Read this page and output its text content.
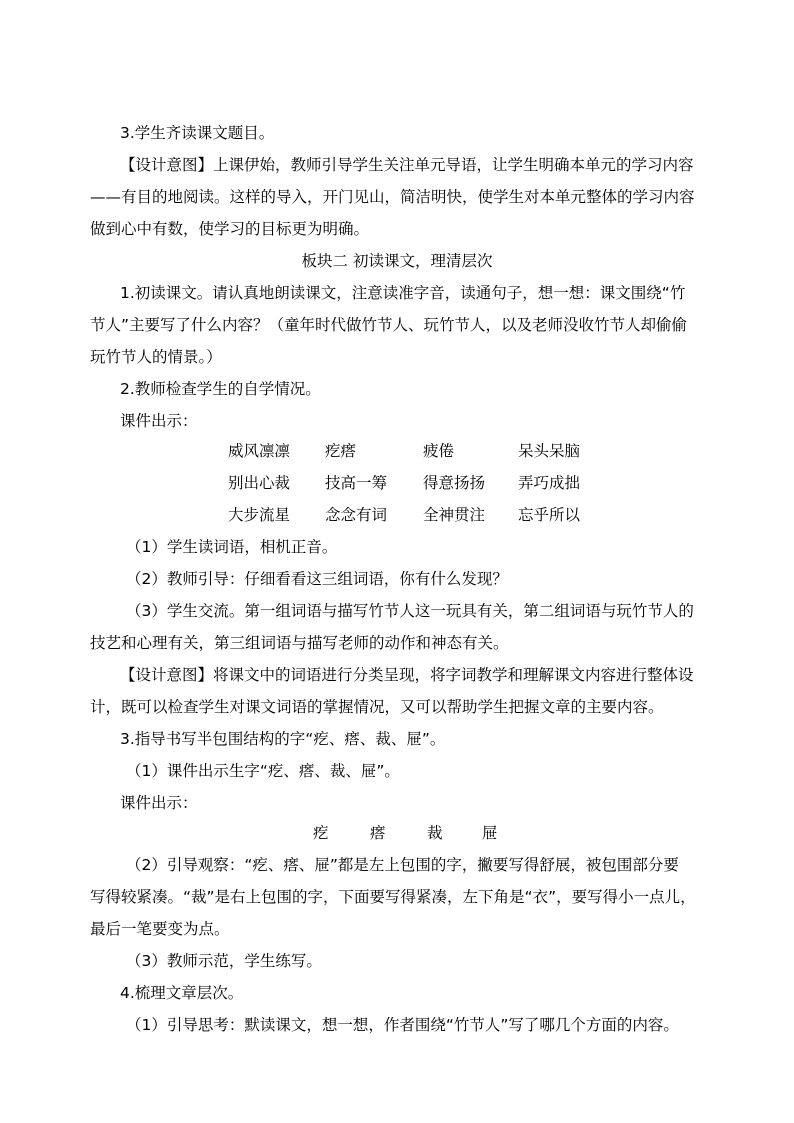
3.学生齐读课文题目。
【设计意图】上课伊始，教师引导学生关注单元导语，让学生明确本单元的学习内容
——有目的地阅读。这样的导入，开门见山，简洁明快，使学生对本单元整体的学习内容
做到心中有数，使学习的目标更为明确。
板块二 初读课文，理清层次
1.初读课文。请认真地朗读课文，注意读准字音，读通句子，想一想：课文围绕“竹
节人”主要写了什么内容？（童年时代做竹节人、玩竹节人，以及老师没收竹节人却偷偷
玩竹节人的情景。）
2.教师检查学生的自学情况。
课件出示：
威风凛凛 疙瘩	疲倦	呆头呆脑
别出心裁 技高一筹 得意扬扬 弄巧成拙
大步流星 念念有词 全神贯注 忘乎所以
（1）学生读词语，相机正音。
（2）教师引导：仔细看看这三组词语，你有什么发现？
（3）学生交流。第一组词语与描写竹节人这一玩具有关，第二组词语与玩竹节人的
技艺和心理有关，第三组词语与描写老师的动作和神态有关。
【设计意图】将课文中的词语进行分类呈现，将字词教学和理解课文内容进行整体设
计，既可以检查学生对课文词语的掌握情况，又可以帮助学生把握文章的主要内容。
3.指导书写半包围结构的字“疙、瘩、裁、屉”。
（1）课件出示生字“疙、瘩、裁、屉”。
课件出示：
疙	瘩	裁	屉
（2）引导观察：“疙、瘩、屉”都是左上包围的字，撇要写得舒展，被包围部分要
写得较紧凑。“裁”是右上包围的字，下面要写得紧凑，左下角是“衣”，要写得小一点儿，
最后一笔要变为点。
（3）教师示范，学生练写。
4.梳理文章层次。
（1）引导思考：默读课文，想一想，作者围绕“竹节人”写了哪几个方面的内容。
